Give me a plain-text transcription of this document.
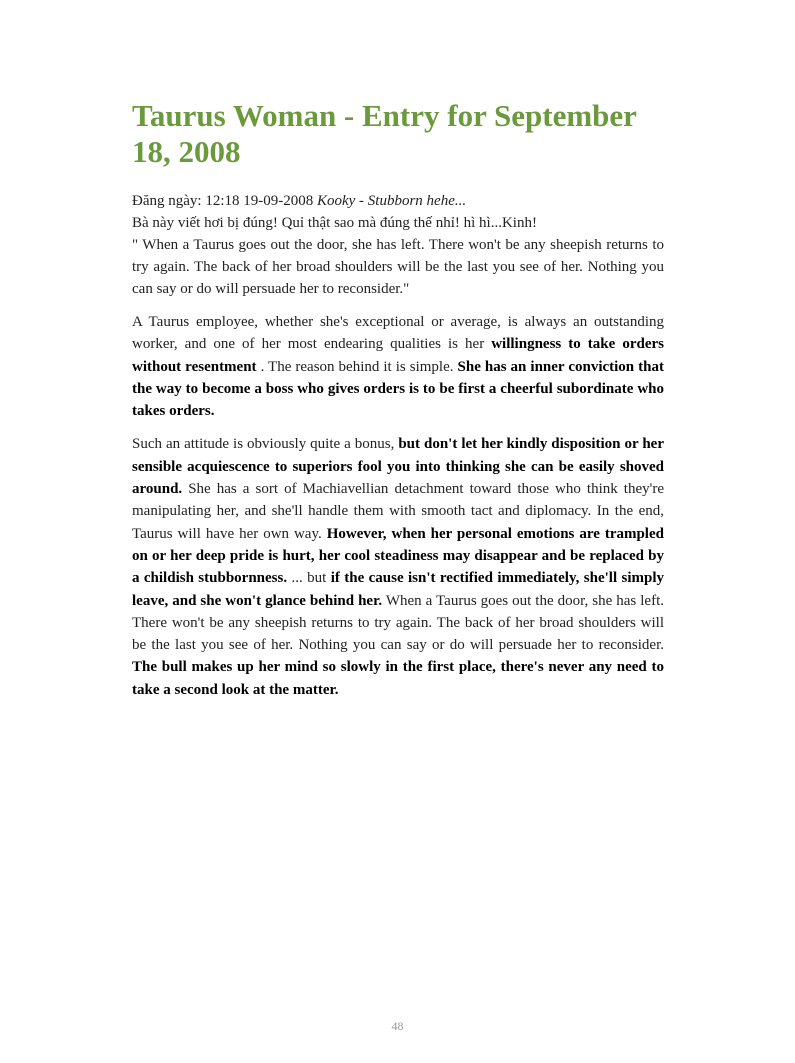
Taurus Woman - Entry for September 18, 2008

Đăng ngày: 12:18 19-09-2008 Kooky - Stubborn hehe...

Bà này viết hơi bị đúng! Quỉ thật sao mà đúng thế nhỉ! hì hì...Kinh!

" When a Taurus goes out the door, she has left. There won't be any sheepish returns to try again. The back of her broad shoulders will be the last you see of her. Nothing you can say or do will persuade her to reconsider."

A Taurus employee, whether she's exceptional or average, is always an outstanding worker, and one of her most endearing qualities is her willingness to take orders without resentment . The reason behind it is simple. She has an inner conviction that the way to become a boss who gives orders is to be first a cheerful subordinate who takes orders.

Such an attitude is obviously quite a bonus, but don't let her kindly disposition or her sensible acquiescence to superiors fool you into thinking she can be easily shoved around. She has a sort of Machiavellian detachment toward those who think they're manipulating her, and she'll handle them with smooth tact and diplomacy. In the end, Taurus will have her own way. However, when her personal emotions are trampled on or her deep pride is hurt, her cool steadiness may disappear and be replaced by a childish stubbornness. ... but if the cause isn't rectified immediately, she'll simply leave, and she won't glance behind her. When a Taurus goes out the door, she has left. There won't be any sheepish returns to try again. The back of her broad shoulders will be the last you see of her. Nothing you can say or do will persuade her to reconsider. The bull makes up her mind so slowly in the first place, there's never any need to take a second look at the matter.

48
